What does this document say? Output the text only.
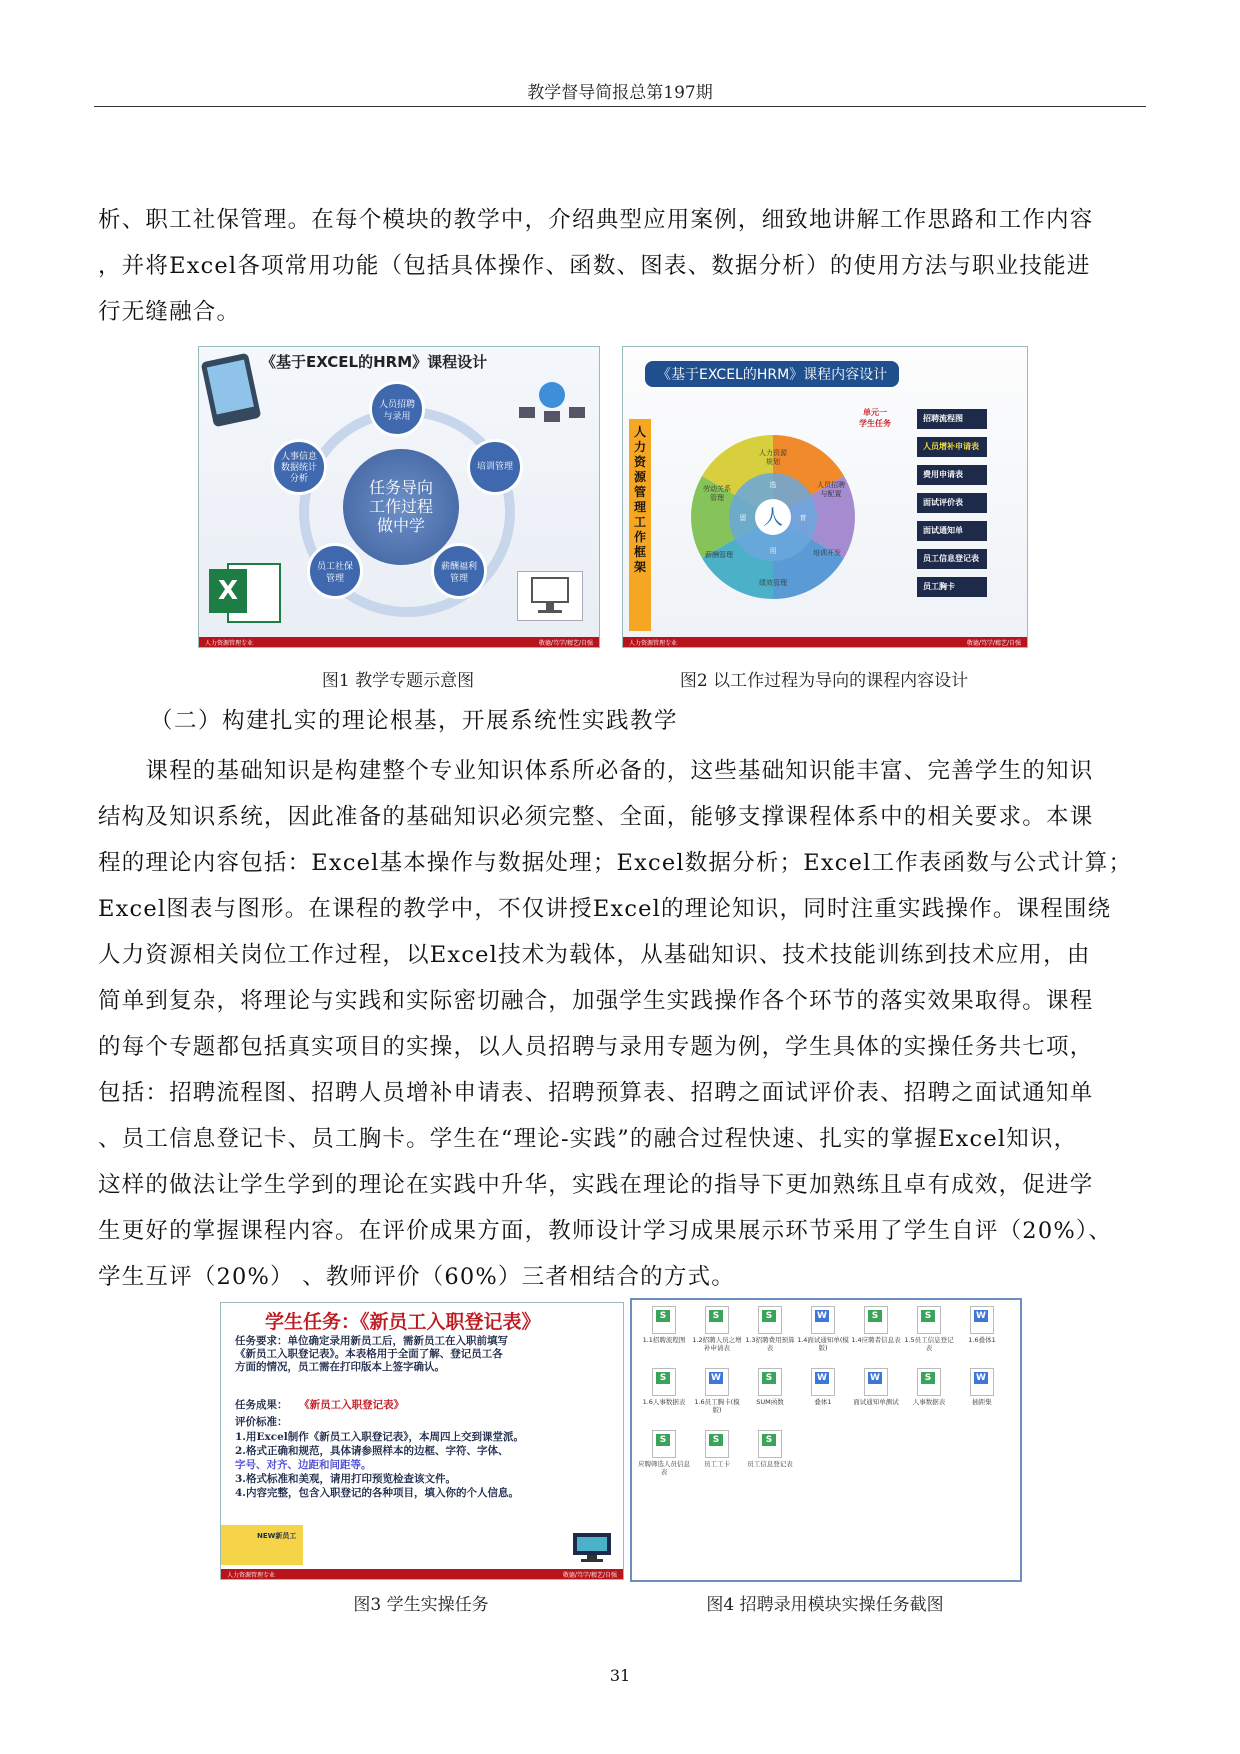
教学督导简报总第197期
析、职工社保管理。在每个模块的教学中，介绍典型应用案例，细致地讲解工作思路和工作内容
，并将Excel各项常用功能（包括具体操作、函数、图表、数据分析）的使用方法与职业技能进
行无缝融合。
《基于EXCEL的HRM》课程设计
任务导向
工作过程
做中学
人员招聘
与录用
培训管理
薪酬福利
管理
员工社保
管理
人事信息
数据统计
分析
X
人力资源管理专业	敬德/笃学/精艺/自强
《基于EXCEL的HRM》课程内容设计
人
力
资
源
管
理
工
作
框
架
人
选
育
用
留
人力资源
规划
人员招聘
与配置
培训开发
绩效管理
薪酬管理
劳动关系
管理
单元一
学生任务
招聘流程图
人员增补申请表
费用申请表
面试评价表
面试通知单
员工信息登记表
员工胸卡
人力资源管理专业	敬德/笃学/精艺/自强
图1 教学专题示意图	图2 以工作过程为导向的课程内容设计
（二）构建扎实的理论根基，开展系统性实践教学
　　课程的基础知识是构建整个专业知识体系所必备的，这些基础知识能丰富、完善学生的知识
结构及知识系统，因此准备的基础知识必须完整、全面，能够支撑课程体系中的相关要求。本课
程的理论内容包括：Excel基本操作与数据处理；Excel数据分析；Excel工作表函数与公式计算；
Excel图表与图形。在课程的教学中，不仅讲授Excel的理论知识，同时注重实践操作。课程围绕
人力资源相关岗位工作过程，以Excel技术为载体，从基础知识、技术技能训练到技术应用，由
简单到复杂，将理论与实践和实际密切融合，加强学生实践操作各个环节的落实效果取得。课程
的每个专题都包括真实项目的实操，以人员招聘与录用专题为例，学生具体的实操任务共七项，
包括：招聘流程图、招聘人员增补申请表、招聘预算表、招聘之面试评价表、招聘之面试通知单
、员工信息登记卡、员工胸卡。学生在“理论-实践”的融合过程快速、扎实的掌握Excel知识，
这样的做法让学生学到的理论在实践中升华，实践在理论的指导下更加熟练且卓有成效，促进学
生更好的掌握课程内容。在评价成果方面，教师设计学习成果展示环节采用了学生自评（20%）、
学生互评（20%） 、教师评价（60%）三者相结合的方式。
学生任务：《新员工入职登记表》
任务要求：单位确定录用新员工后，需新员工在入职前填写
《新员工入职登记表》。本表格用于全面了解、登记员工各
方面的情况，员工需在打印版本上签字确认。
任务成果： 《新员工入职登记表》
评价标准：
1.用Excel制作《新员工入职登记表》，本周四上交到课堂派。
2.格式正确和规范，具体请参照样本的边框、字符、字体、
字号、对齐、边距和间距等。
3.格式标准和美观，请用打印预览检查该文件。
4.内容完整，包含入职登记的各种项目，填入你的个人信息。
NEW新员工
人力资源管理专业	敬德/笃学/精艺/自强
S
1.1招聘流程图
S
1.2招聘人员之增补申请表
S
1.3招聘费用预算表
W
1.4面试通知单(模版)
S
1.4应聘者信息表
S
1.5员工信息登记表
W
1.6叠体1
S
1.6人事数据表
W
1.6员工胸卡(模版)
S
SUM函数
W
叠体1
W
面试通知单测试
S
人事数据表
W
插距集
S
应聘筛选人员信息表
S
员工工卡
S
员工信息登记表
图3 学生实操任务	图4 招聘录用模块实操任务截图
31
